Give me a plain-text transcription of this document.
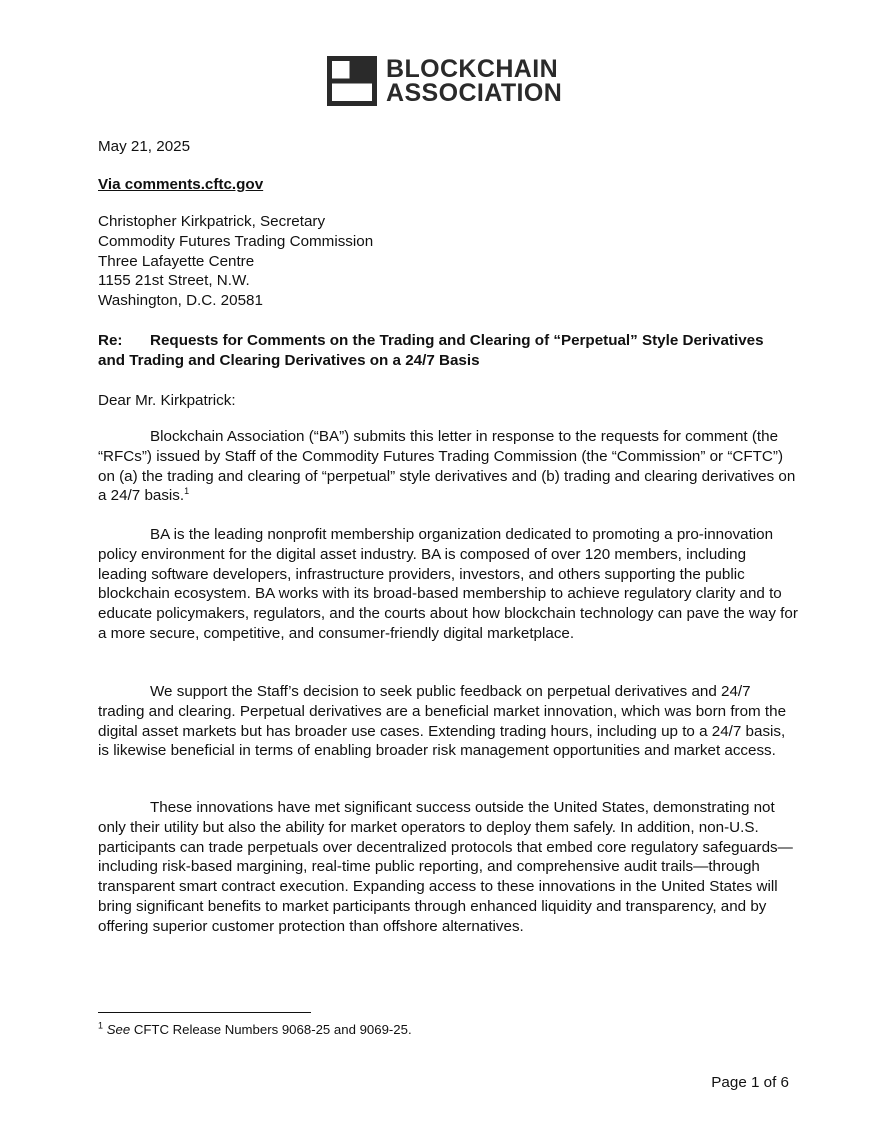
BLOCKCHAIN
ASSOCIATION
May 21, 2025
Via comments.cftc.gov
Christopher Kirkpatrick, Secretary
Commodity Futures Trading Commission
Three Lafayette Centre
1155 21st Street, N.W.
Washington, D.C. 20581
Re: Requests for Comments on the Trading and Clearing of “Perpetual” Style Derivatives
and Trading and Clearing Derivatives on a 24/7 Basis
Dear Mr. Kirkpatrick:
Blockchain Association (“BA”) submits this letter in response to the requests for comment (the “RFCs”) issued by Staff of the Commodity Futures Trading Commission (the “Commission” or “CFTC”) on (a) the trading and clearing of “perpetual” style derivatives and (b) trading and clearing derivatives on a 24/7 basis.$^1$
BA is the leading nonprofit membership organization dedicated to promoting a pro-innovation policy environment for the digital asset industry. BA is composed of over 120 members, including leading software developers, infrastructure providers, investors, and others supporting the public blockchain ecosystem. BA works with its broad-based membership to achieve regulatory clarity and to educate policymakers, regulators, and the courts about how blockchain technology can pave the way for a more secure, competitive, and consumer-friendly digital marketplace.
We support the Staff’s decision to seek public feedback on perpetual derivatives and 24/7 trading and clearing. Perpetual derivatives are a beneficial market innovation, which was born from the digital asset markets but has broader use cases. Extending trading hours, including up to a 24/7 basis, is likewise beneficial in terms of enabling broader risk management opportunities and market access.
These innovations have met significant success outside the United States, demonstrating not only their utility but also the ability for market operators to deploy them safely. In addition, non-U.S. participants can trade perpetuals over decentralized protocols that embed core regulatory safeguards—including risk-based margining, real-time public reporting, and comprehensive audit trails—through transparent smart contract execution. Expanding access to these innovations in the United States will bring significant benefits to market participants through enhanced liquidity and transparency, and by offering superior customer protection than offshore alternatives.
$^1$ See CFTC Release Numbers 9068-25 and 9069-25.
Page 1 of 6
